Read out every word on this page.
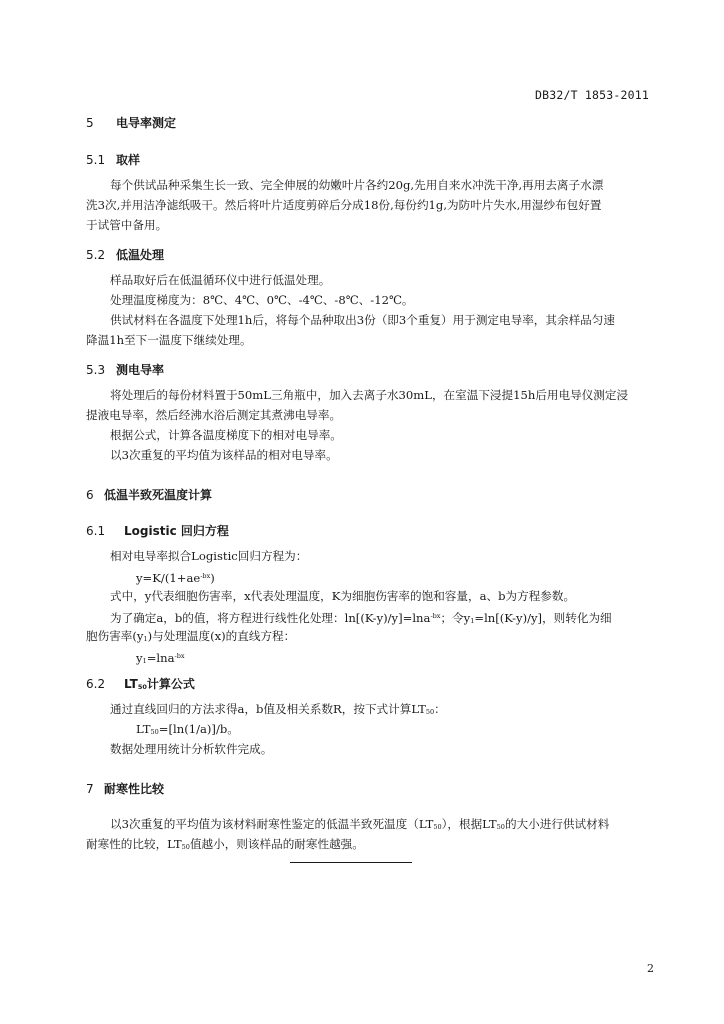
DB32/T 1853-2011
5 电导率测定
5.1 取样
每个供试品种采集生长一致、完全伸展的幼嫩叶片各约20g,先用自来水冲洗干净,再用去离子水漂
洗3次,并用洁净滤纸吸干。然后将叶片适度剪碎后分成18份,每份约1g,为防叶片失水,用湿纱布包好置
于试管中备用。
5.2 低温处理
样品取好后在低温循环仪中进行低温处理。
处理温度梯度为：8℃、4℃、0℃、-4℃、-8℃、-12℃。
供试材料在各温度下处理1h后，将每个品种取出3份（即3个重复）用于测定电导率，其余样品匀速
降温1h至下一温度下继续处理。
5.3 测电导率
将处理后的每份材料置于50mL三角瓶中，加入去离子水30mL，在室温下浸提15h后用电导仪测定浸
提液电导率，然后经沸水浴后测定其煮沸电导率。
根据公式，计算各温度梯度下的相对电导率。
以3次重复的平均值为该样品的相对电导率。
6 低温半致死温度计算
6.1 Logistic 回归方程
相对电导率拟合Logistic回归方程为：
$y=K/(1+ae^{-bx})$
式中，y代表细胞伤害率，x代表处理温度，K为细胞伤害率的饱和容量，a、b为方程参数。
为了确定a，b的值，将方程进行线性化处理：ln[(K-y)/y]=lna$^{-bx}$；令$y_1=\ln[(K-y)/y]$，则转化为细
胞伤害率$(y_1)$与处理温度(x)的直线方程：
$y_1=\ln a^{-bx}$
6.2 $LT_{50}$计算公式
通过直线回归的方法求得a，b值及相关系数R，按下式计算$LT_{50}$：
$LT_{50}=[\ln(1/a)]/b$。
数据处理用统计分析软件完成。
7 耐寒性比较
以3次重复的平均值为该材料耐寒性鉴定的低温半致死温度$(LT_{50})$，根据$LT_{50}$的大小进行供试材料
耐寒性的比较，$LT_{50}$值越小，则该样品的耐寒性越强。
2
